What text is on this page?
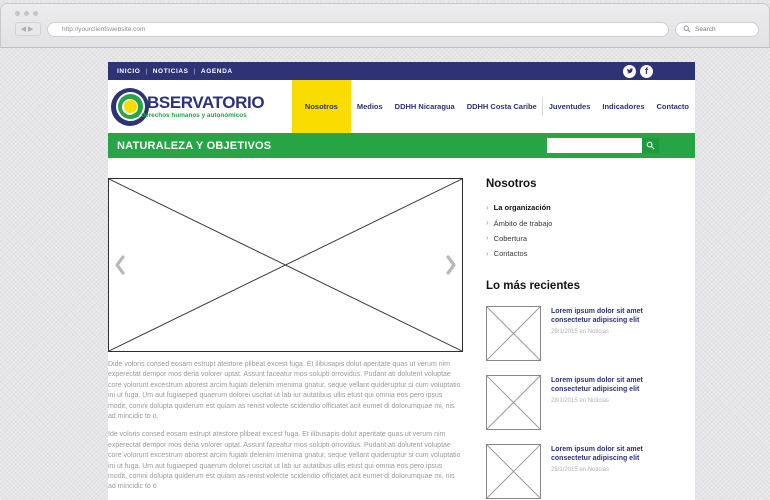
◀ ▶
http://yourclientswebsite.com
Search
INICIO | NOTICIAS | AGENDA	f
BSERVATORIO
de derechos humanos y autonómicos
Nosotros	Medios	DDHH Nicaragua	DDHH Costa Caribe	Juventudes	Indicadores	Contacto
NATURALEZA Y OBJETIVOS

Dide voloris consed eosam estrupt atestore plibeat excest fuga. Et ilibusapis dolut aperitate quas ut verum nim experectat dempor mos deria volorer uptat. Assunt faceatur mos solupti orrovidus. Pudant ati dolutent voluptae core volorunt excestrum aborest arcim fugiati delenim imenima gnatur, seque vellant quideruptur si cum voluptatio ini ut fuga. Um aut fugiaeped quaerum dolorei uscitat ut lab iur autatibus ullis etust qui omnia eos pero ipsus modit, comni dolupta quiderum est quiam as renist volecte scidendio officiatet acit eumet di dolorumquae mi, nis ad mincidic to o.

Ide voloris consed eosam estrupt atestore plibeat excest fuga. Et ilibusapis dolut aperitate quas ut verum nim experectat dempor mos deria volorer uptat. Assunt faceatur mos solupti orrovidus. Pudant ati dolutent voluptae core volorunt excestrum aborest arcim fugiati delenim imenima gnatur, seque vellant quideruptur si cum voluptatio ini ut fuga. Um aut fugiaeped quaerum dolorei uscitat ut lab iur autatibus ullis etust qui omnia eos pero ipsus modit, comni dolupta quiderum est quiam as renist volecte scidendio officiatet acit eumet di dolorumquae mi, nis ad mincidic to o

Nosotros
› La organización
› Ámbito de trabajo
› Cobertura
› Contactos
Lo más recientes
Lorem ipsum dolor sit amet consectetur adipiscing elit
28/1/2015 en Noticias
Lorem ipsum dolor sit amet consectetur adipiscing elit
28/1/2015 en Noticias
Lorem ipsum dolor sit amet consectetur adipiscing elit
28/1/2015 en Noticias
